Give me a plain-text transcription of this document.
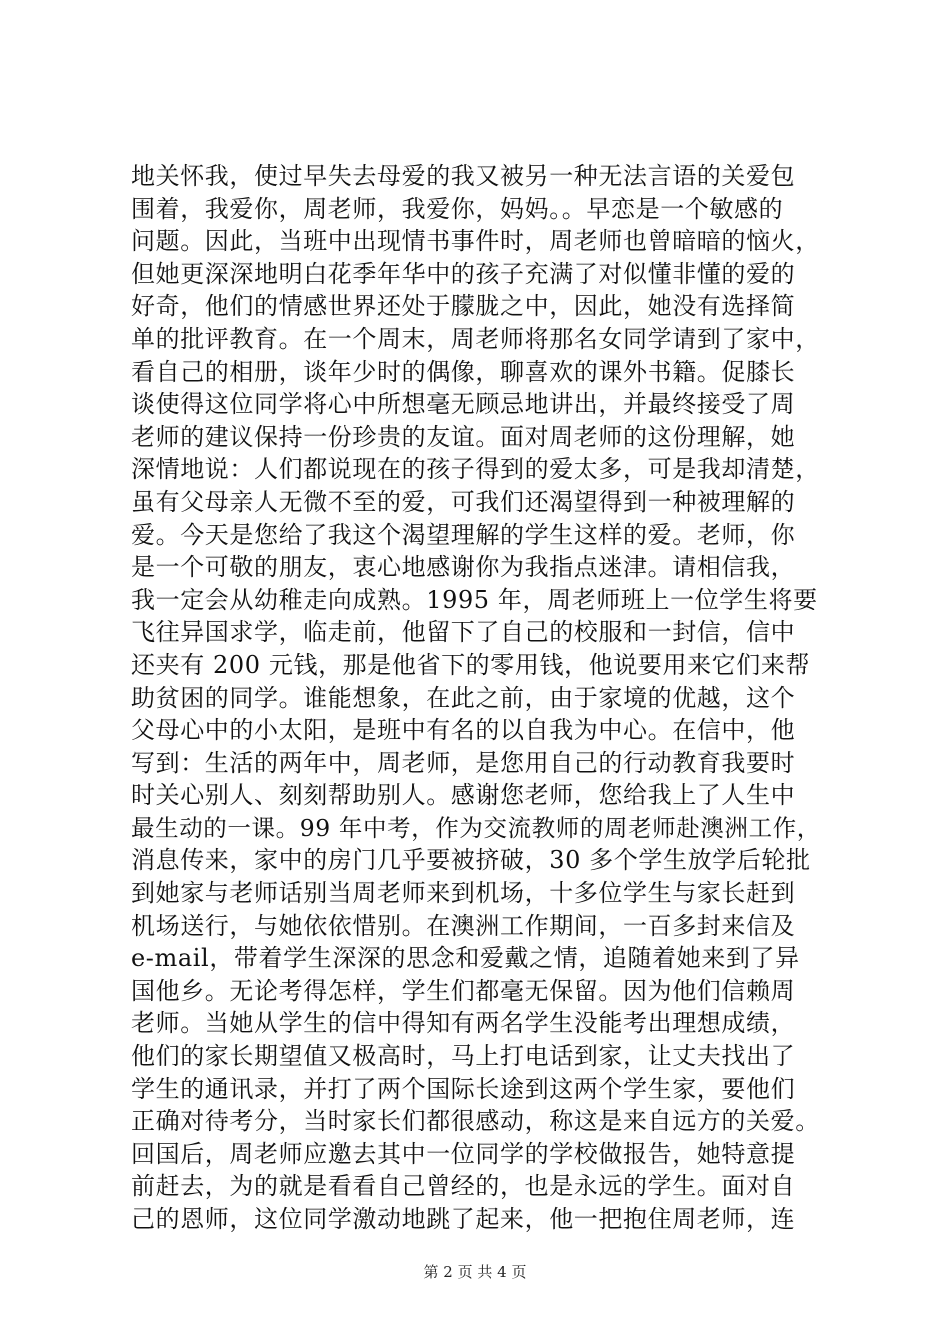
地关怀我，使过早失去母爱的我又被另一种无法言语的关爱包
围着，我爱你，周老师，我爱你，妈妈。。早恋是一个敏感的
问题。因此，当班中出现情书事件时，周老师也曾暗暗的恼火，
但她更深深地明白花季年华中的孩子充满了对似懂非懂的爱的
好奇，他们的情感世界还处于朦胧之中，因此，她没有选择简
单的批评教育。在一个周末，周老师将那名女同学请到了家中，
看自己的相册，谈年少时的偶像，聊喜欢的课外书籍。促膝长
谈使得这位同学将心中所想毫无顾忌地讲出，并最终接受了周
老师的建议保持一份珍贵的友谊。面对周老师的这份理解，她
深情地说：人们都说现在的孩子得到的爱太多，可是我却清楚，
虽有父母亲人无微不至的爱，可我们还渴望得到一种被理解的
爱。今天是您给了我这个渴望理解的学生这样的爱。老师，你
是一个可敬的朋友，衷心地感谢你为我指点迷津。请相信我，
我一定会从幼稚走向成熟。1995 年，周老师班上一位学生将要
飞往异国求学，临走前，他留下了自己的校服和一封信，信中
还夹有 200 元钱，那是他省下的零用钱，他说要用来它们来帮
助贫困的同学。谁能想象，在此之前，由于家境的优越，这个
父母心中的小太阳，是班中有名的以自我为中心。在信中，他
写到：生活的两年中，周老师，是您用自己的行动教育我要时
时关心别人、刻刻帮助别人。感谢您老师，您给我上了人生中
最生动的一课。99 年中考，作为交流教师的周老师赴澳洲工作，
消息传来，家中的房门几乎要被挤破，30 多个学生放学后轮批
到她家与老师话别当周老师来到机场，十多位学生与家长赶到
机场送行，与她依依惜别。在澳洲工作期间，一百多封来信及
e-mail，带着学生深深的思念和爱戴之情，追随着她来到了异
国他乡。无论考得怎样，学生们都毫无保留。因为他们信赖周
老师。当她从学生的信中得知有两名学生没能考出理想成绩，
他们的家长期望值又极高时，马上打电话到家，让丈夫找出了
学生的通讯录，并打了两个国际长途到这两个学生家，要他们
正确对待考分，当时家长们都很感动，称这是来自远方的关爱。
回国后，周老师应邀去其中一位同学的学校做报告，她特意提
前赶去，为的就是看看自己曾经的，也是永远的学生。面对自
己的恩师，这位同学激动地跳了起来，他一把抱住周老师，连
第 2 页 共 4 页
